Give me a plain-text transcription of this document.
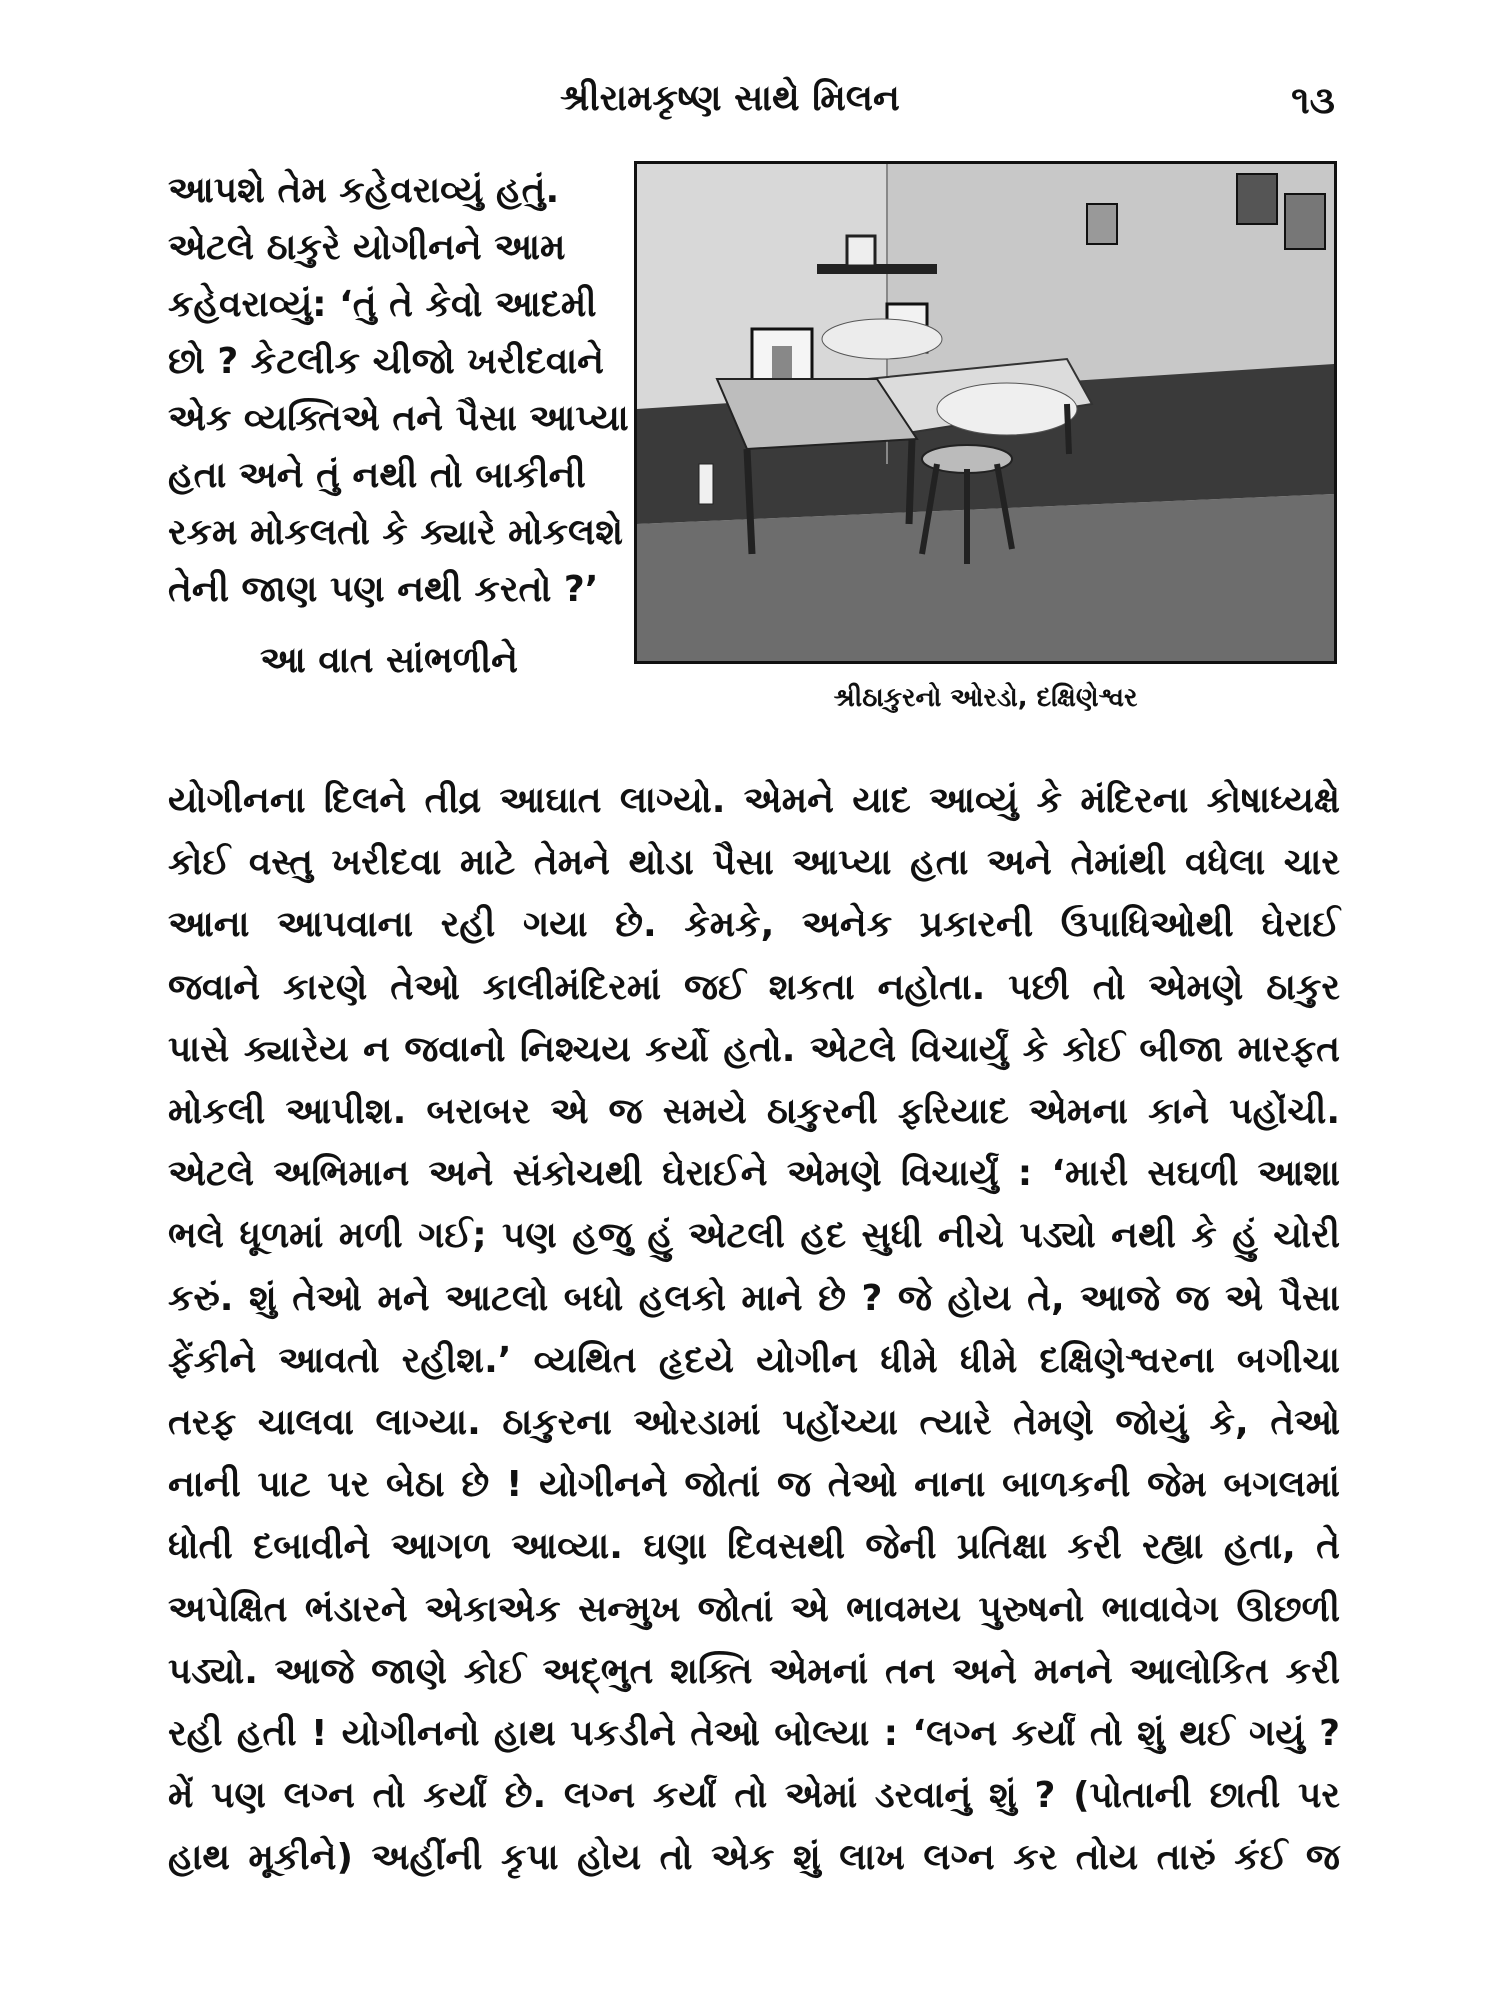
શ્રીરામકૃષ્ણ સાથે મિલન	૧૩
આપશે તેમ કહેવરાવ્યું હતું.
એટલે ઠાકુરે યોગીનને આમ
કહેવરાવ્યું: ‘તું તે કેવો આદમી
છો ? કેટલીક ચીજો ખરીદવાને
એક વ્યક્તિએ તને પૈસા આપ્યા
હતા અને તું નથી તો બાકીની
રકમ મોકલતો કે ક્યારે મોકલશે
તેની જાણ પણ નથી કરતો ?’
આ વાત સાંભળીને
શ્રીઠાકુરનો ઓરડો, દક્ષિણેશ્વર
યોગીનના દિલને તીવ્ર આઘાત લાગ્યો. એમને યાદ આવ્યું કે મંદિરના કોષાધ્યક્ષે
કોઈ વસ્તુ ખરીદવા માટે તેમને થોડા પૈસા આપ્યા હતા અને તેમાંથી વધેલા ચાર
આના આપવાના રહી ગયા છે. કેમકે, અનેક પ્રકારની ઉપાધિઓથી ઘેરાઈ
જવાને કારણે તેઓ કાલીમંદિરમાં જઈ શકતા નહોતા. પછી તો એમણે ઠાકુર
પાસે ક્યારેય ન જવાનો નિશ્ચય કર્યો હતો. એટલે વિચાર્યું કે કોઈ બીજા મારફત
મોકલી આપીશ. બરાબર એ જ સમયે ઠાકુરની ફરિયાદ એમના કાને પહોંચી.
એટલે અભિમાન અને સંકોચથી ઘેરાઈને એમણે વિચાર્યું : ‘મારી સઘળી આશા
ભલે ધૂળમાં મળી ગઈ; પણ હજુ હું એટલી હદ સુધી નીચે પડ્યો નથી કે હું ચોરી
કરું. શું તેઓ મને આટલો બધો હલકો માને છે ? જે હોય તે, આજે જ એ પૈસા
ફેંકીને આવતો રહીશ.’ વ્યથિત હૃદયે યોગીન ધીમે ધીમે દક્ષિણેશ્વરના બગીચા
તરફ ચાલવા લાગ્યા. ઠાકુરના ઓરડામાં પહોંચ્યા ત્યારે તેમણે જોયું કે, તેઓ
નાની પાટ પર બેઠા છે ! યોગીનને જોતાં જ તેઓ નાના બાળકની જેમ બગલમાં
ધોતી દબાવીને આગળ આવ્યા. ઘણા દિવસથી જેની પ્રતિક્ષા કરી રહ્યા હતા, તે
અપેક્ષિત ભંડારને એકાએક સન્મુખ જોતાં એ ભાવમય પુરુષનો ભાવાવેગ ઊછળી
પડ્યો. આજે જાણે કોઈ અદ્‌ભુત શક્તિ એમનાં તન અને મનને આલોકિત કરી
રહી હતી ! યોગીનનો હાથ પકડીને તેઓ બોલ્યા : ‘લગ્ન કર્યાં તો શું થઈ ગયું ?
મેં પણ લગ્ન તો કર્યાં છે. લગ્ન કર્યાં તો એમાં ડરવાનું શું ? (પોતાની છાતી પર
હાથ મૂકીને) અહીંની કૃપા હોય તો એક શું લાખ લગ્ન કર તોય તારું કંઈ જ
